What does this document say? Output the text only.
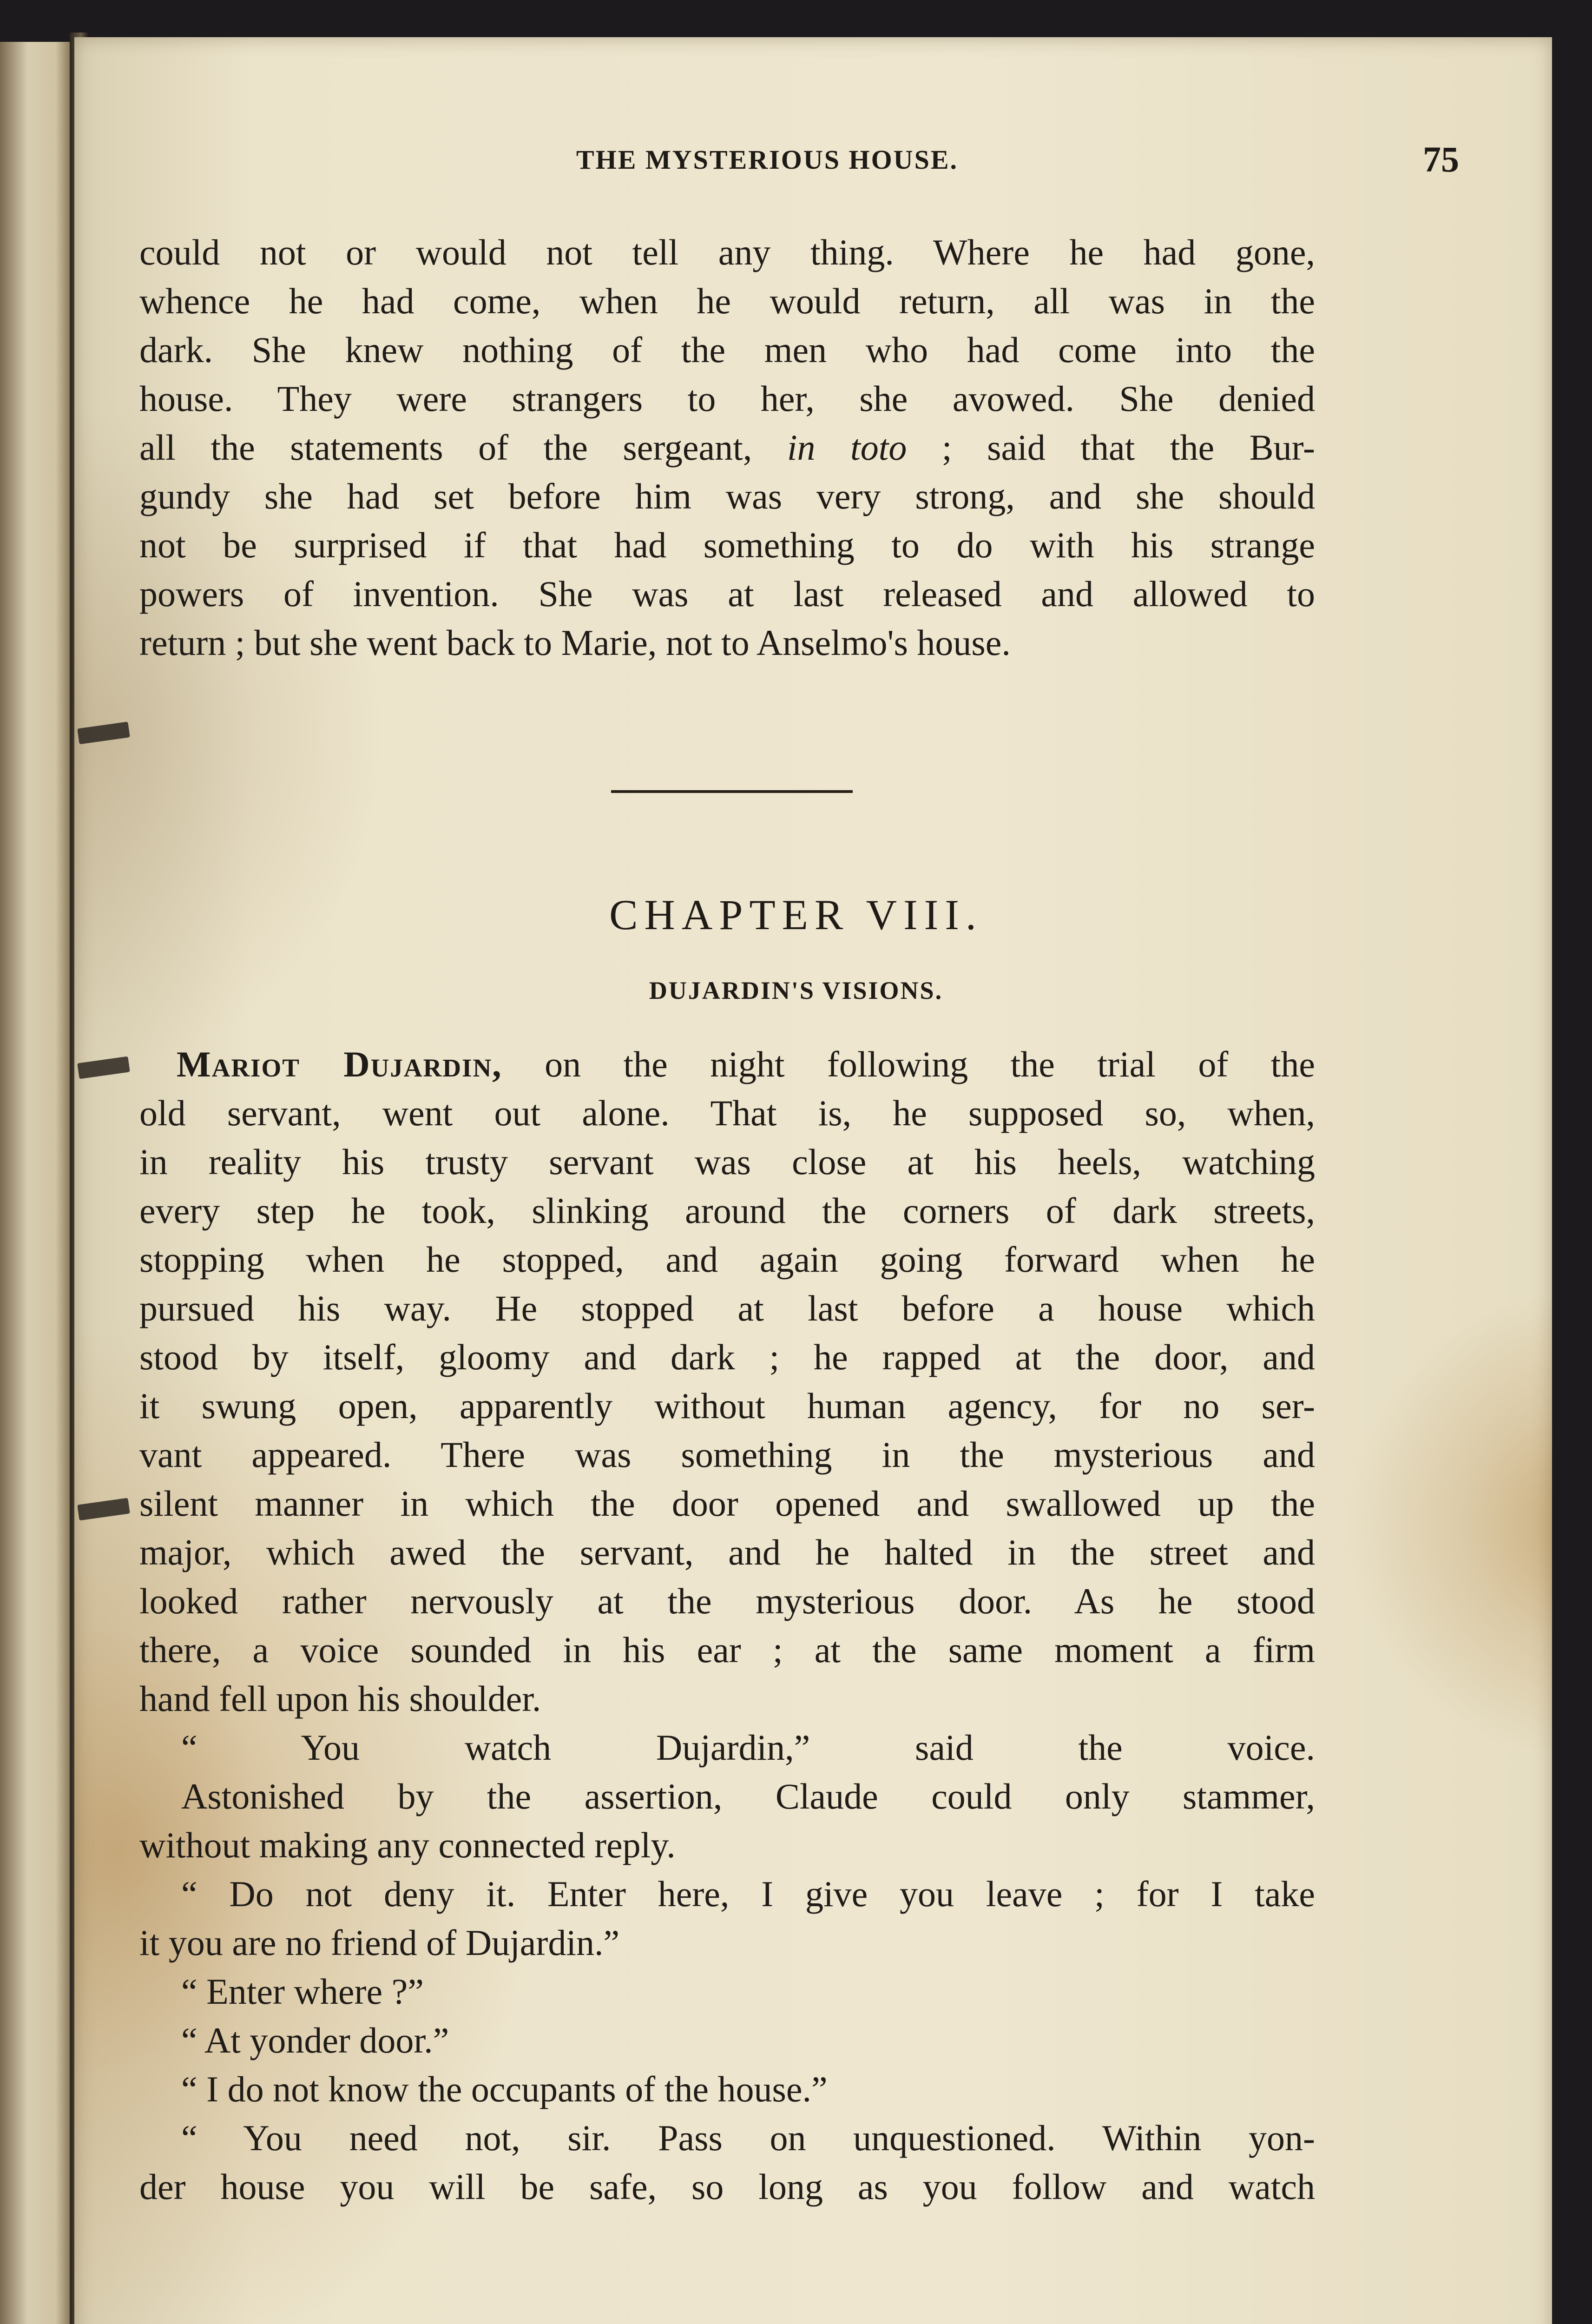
THE MYSTERIOUS HOUSE.	75
could not or would not tell any thing. Where he had gone,
whence he had come, when he would return, all was in the
dark. She knew nothing of the men who had come into the
house. They were strangers to her, she avowed. She denied
all the statements of the sergeant, in toto ; said that the Bur-
gundy she had set before him was very strong, and she should
not be surprised if that had something to do with his strange
powers of invention. She was at last released and allowed to
return ; but she went back to Marie, not to Anselmo's house.
CHAPTER VIII.
DUJARDIN'S VISIONS.
Mariot Dujardin, on the night following the trial of the
old servant, went out alone. That is, he supposed so, when,
in reality his trusty servant was close at his heels, watching
every step he took, slinking around the corners of dark streets,
stopping when he stopped, and again going forward when he
pursued his way. He stopped at last before a house which
stood by itself, gloomy and dark ; he rapped at the door, and
it swung open, apparently without human agency, for no ser-
vant appeared. There was something in the mysterious and
silent manner in which the door opened and swallowed up the
major, which awed the servant, and he halted in the street and
looked rather nervously at the mysterious door. As he stood
there, a voice sounded in his ear ; at the same moment a firm
hand fell upon his shoulder.
“ You watch Dujardin,” said the voice.
Astonished by the assertion, Claude could only stammer,
without making any connected reply.
“ Do not deny it. Enter here, I give you leave ; for I take
it you are no friend of Dujardin.”
“ Enter where ?”
“ At yonder door.”
“ I do not know the occupants of the house.”
“ You need not, sir. Pass on unquestioned. Within yon-
der house you will be safe, so long as you follow and watch
